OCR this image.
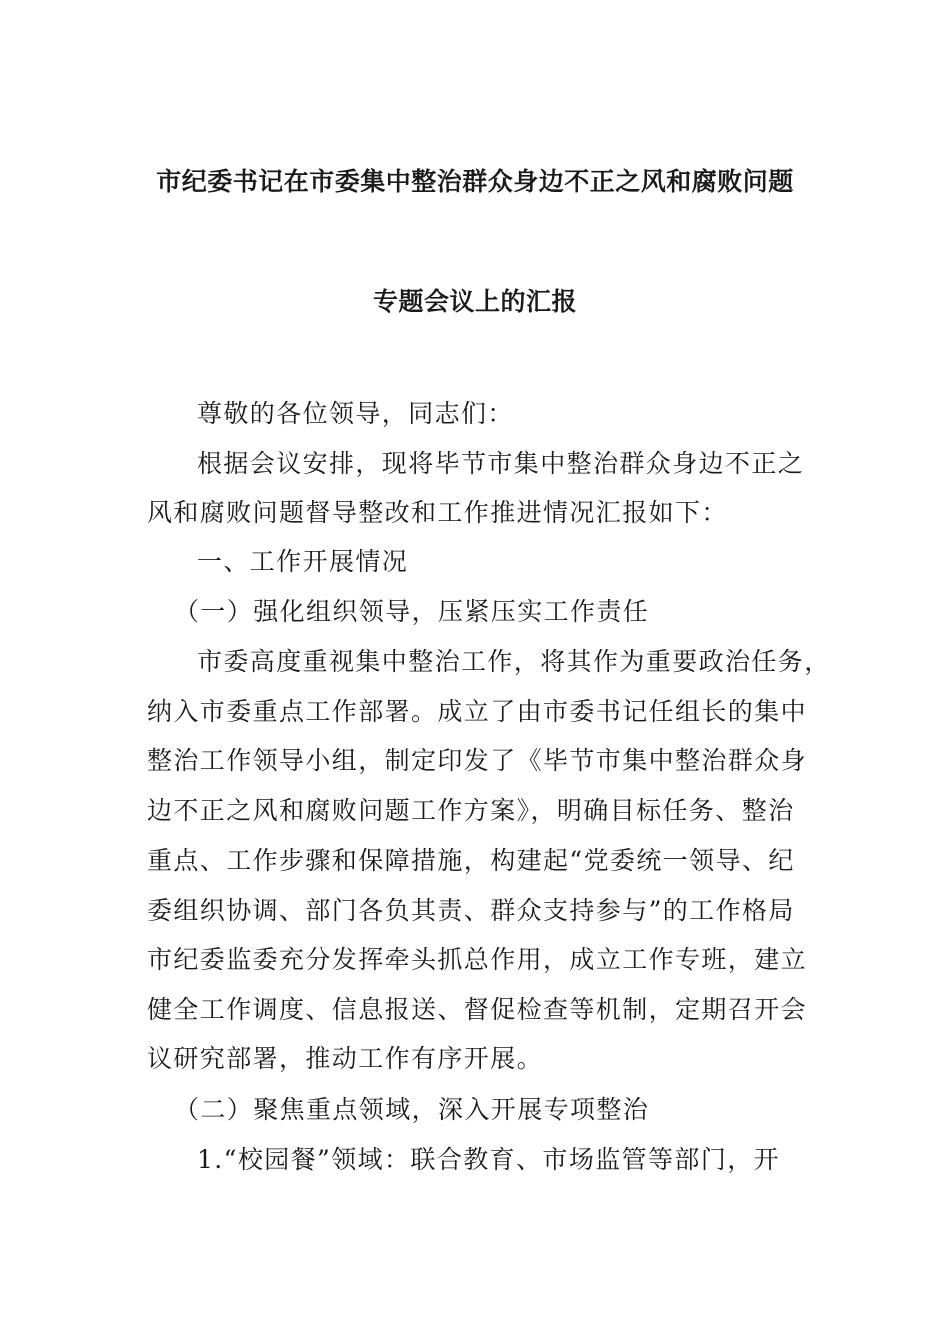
市纪委书记在市委集中整治群众身边不正之风和腐败问题
专题会议上的汇报
尊敬的各位领导，同志们：
根据会议安排，现将毕节市集中整治群众身边不正之
风和腐败问题督导整改和工作推进情况汇报如下：
一、工作开展情况
（一）强化组织领导，压紧压实工作责任
市委高度重视集中整治工作，将其作为重要政治任务，
纳入市委重点工作部署。成立了由市委书记任组长的集中
整治工作领导小组，制定印发了《毕节市集中整治群众身
边不正之风和腐败问题工作方案》，明确目标任务、整治
重点、工作步骤和保障措施，构建起“党委统一领导、纪
委组织协调、部门各负其责、群众支持参与”的工作格局
市纪委监委充分发挥牵头抓总作用，成立工作专班，建立
健全工作调度、信息报送、督促检查等机制，定期召开会
议研究部署，推动工作有序开展。
（二）聚焦重点领域，深入开展专项整治
1.“校园餐”领域：联合教育、市场监管等部门，开
